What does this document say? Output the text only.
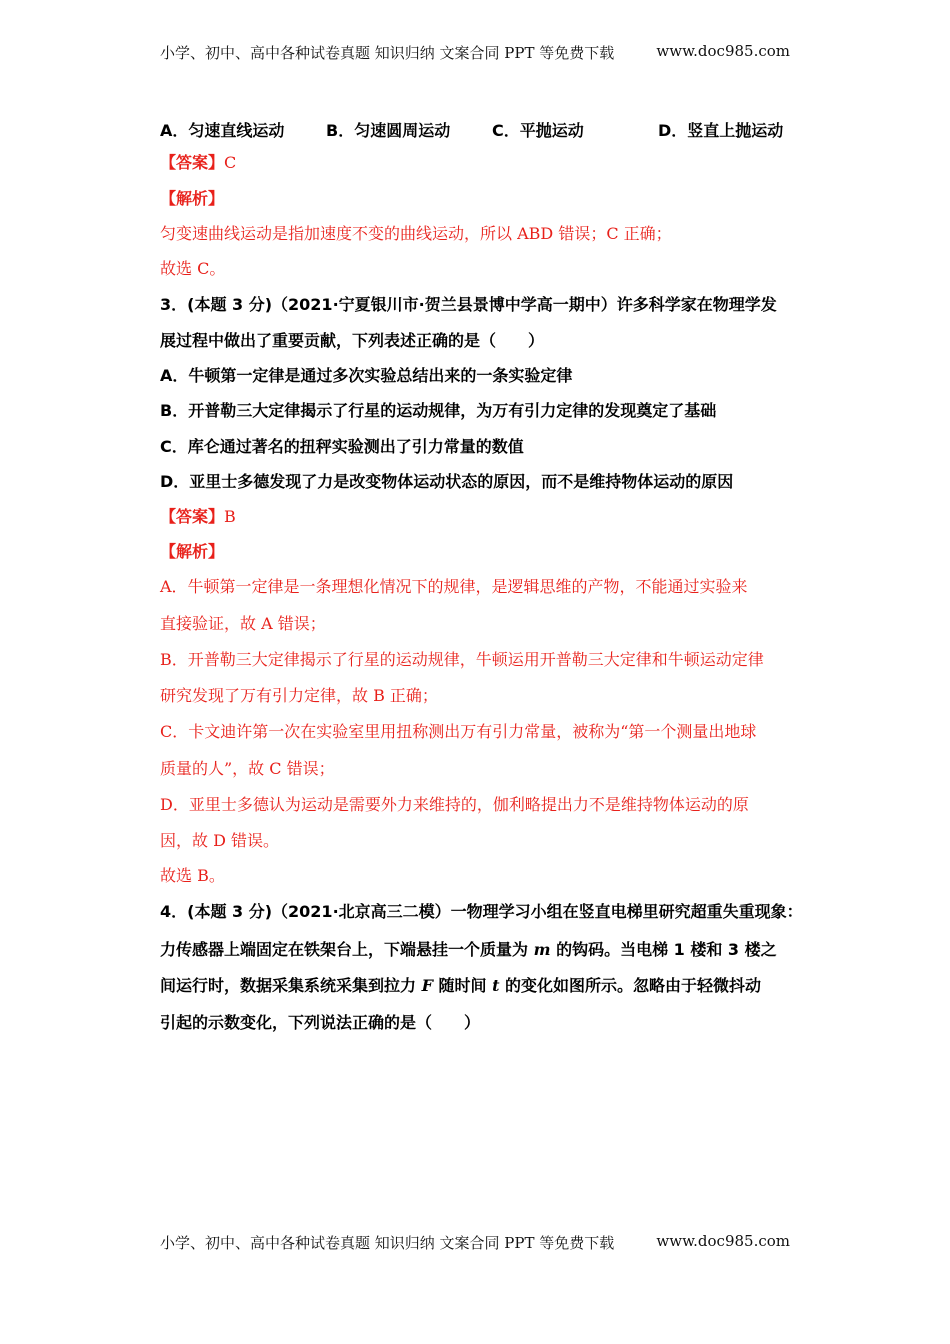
小学、初中、高中各种试卷真题 知识归纳 文案合同 PPT 等免费下载	www.doc985.com
A．匀速直线运动	B．匀速圆周运动	C．平抛运动	D．竖直上抛运动
【答案】C
【解析】
匀变速曲线运动是指加速度不变的曲线运动，所以 ABD 错误；C 正确；
故选 C。
3．(本题 3 分)（2021·宁夏银川市·贺兰县景博中学高一期中）许多科学家在物理学发
展过程中做出了重要贡献，下列表述正确的是（　　）
A．牛顿第一定律是通过多次实验总结出来的一条实验定律
B．开普勒三大定律揭示了行星的运动规律，为万有引力定律的发现奠定了基础
C．库仑通过著名的扭秤实验测出了引力常量的数值
D．亚里士多德发现了力是改变物体运动状态的原因，而不是维持物体运动的原因
【答案】B
【解析】
A．牛顿第一定律是一条理想化情况下的规律，是逻辑思维的产物，不能通过实验来
直接验证，故 A 错误；
B．开普勒三大定律揭示了行星的运动规律，牛顿运用开普勒三大定律和牛顿运动定律
研究发现了万有引力定律，故 B 正确；
C．卡文迪许第一次在实验室里用扭称测出万有引力常量，被称为“第一个测量出地球
质量的人”，故 C 错误；
D．亚里士多德认为运动是需要外力来维持的，伽利略提出力不是维持物体运动的原
因，故 D 错误。
故选 B。
4．(本题 3 分)（2021·北京高三二模）一物理学习小组在竖直电梯里研究超重失重现象：
力传感器上端固定在铁架台上，下端悬挂一个质量为 m 的钩码。当电梯 1 楼和 3 楼之
间运行时，数据采集系统采集到拉力 F 随时间 t 的变化如图所示。忽略由于轻微抖动
引起的示数变化，下列说法正确的是（　　）
小学、初中、高中各种试卷真题 知识归纳 文案合同 PPT 等免费下载	www.doc985.com
